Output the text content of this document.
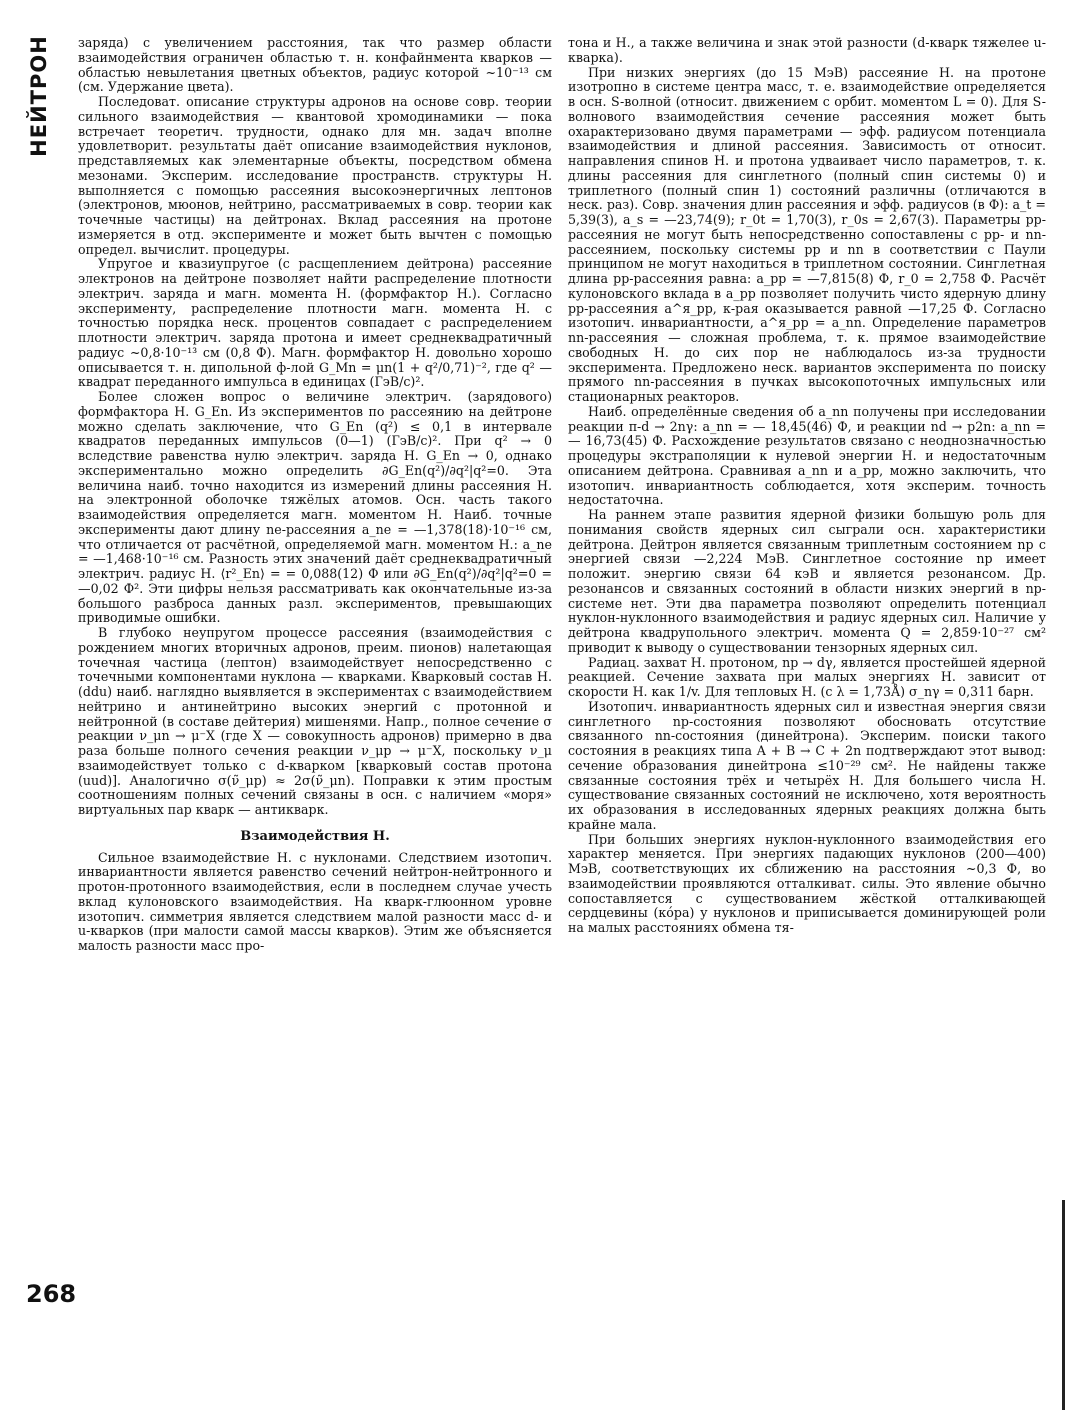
НЕЙТРОН заряда) с увеличением расстояния, так что размер области взаимодействия ограничен областью т. н. конфайнмента кварков — областью невылетания цветных объектов, радиус которой ~10⁻¹³ см (см. Удержание цвета).

Последоват. описание структуры адронов на основе совр. теории сильного взаимодействия — квантовой хромодинамики — пока встречает теоретич. трудности, однако для мн. задач вполне удовлетворит. результаты даёт описание взаимодействия нуклонов, представляемых как элементарные объекты, посредством обмена мезонами. Эксперим. исследование пространств. структуры Н. выполняется с помощью рассеяния высокоэнергичных лептонов (электронов, мюонов, нейтрино, рассматриваемых в совр. теории как точечные частицы) на дейтронах. Вклад рассеяния на протоне измеряется в отд. эксперименте и может быть вычтен с помощью определ. вычислит. процедуры.

Упругое и квазиупругое (с расщеплением дейтрона) рассеяние электронов на дейтроне позволяет найти распределение плотности электрич. заряда и магн. момента Н. (формфактор Н.). Согласно эксперименту, распределение плотности магн. момента Н. с точностью порядка неск. процентов совпадает с распределением плотности электрич. заряда протона и имеет среднеквадратичный радиус ~0,8·10⁻¹³ см (0,8 Ф). Магн. формфактор Н. довольно хорошо описывается т. н. дипольной ф-лой G_Mn = μn(1 + q²/0,71)⁻², где q² — квадрат переданного импульса в единицах (ГэВ/с)².

Более сложен вопрос о величине электрич. (зарядового) формфактора Н. G_En. Из экспериментов по рассеянию на дейтроне можно сделать заключение, что G_En (q²) ≤ 0,1 в интервале квадратов переданных импульсов (0—1) (ГэВ/c)². При q² → 0 вследствие равенства нулю электрич. заряда Н. G_En → 0, однако экспериментально можно определить ∂G_En(q²)/∂q²|q²=0. Эта величина наиб. точно находится из измерений длины рассеяния Н. на электронной оболочке тяжёлых атомов. Осн. часть такого взаимодействия определяется магн. моментом Н. Наиб. точные эксперименты дают длину ne-рассеяния a_ne = —1,378(18)·10⁻¹⁶ см, что отличается от расчётной, определяемой магн. моментом Н.: a_ne = —1,468·10⁻¹⁶ см. Разность этих значений даёт среднеквадратичный электрич. радиус Н. ⟨r²_En⟩ = = 0,088(12) Ф или ∂G_En(q²)/∂q²|q²=0 = —0,02 Ф². Эти цифры нельзя рассматривать как окончательные из-за большого разброса данных разл. экспериментов, превышающих приводимые ошибки.

В глубоко неупругом процессе рассеяния (взаимодействия с рождением многих вторичных адронов, преим. пионов) налетающая точечная частица (лептон) взаимодействует непосредственно с точечными компонентами нуклона — кварками. Кварковый состав Н. (ddu) наиб. наглядно выявляется в экспериментах с взаимодействием нейтрино и антинейтрино высоких энергий с протонной и нейтронной (в составе дейтерия) мишенями. Напр., полное сечение σ реакции ν_μn → μ⁻X (где X — совокупность адронов) примерно в два раза больше полного сечения реакции ν_μp → μ⁻X, поскольку ν_μ взаимодействует только с d-кварком [кварковый состав протона (uud)]. Аналогично σ(ν̃_μp) ≈ 2σ(ν̃_μn). Поправки к этим простым соотношениям полных сечений связаны в осн. с наличием «моря» виртуальных пар кварк — антикварк.

Взаимодействия Н.

Сильное взаимодействие Н. с нуклонами. Следствием изотопич. инвариантности является равенство сечений нейтрон-нейтронного и протон-протонного взаимодействия, если в последнем случае учесть вклад кулоновского взаимодействия. На кварк-глюонном уровне изотопич. симметрия является следствием малой разности масс d- и u-кварков (при малости самой массы кварков). Этим же объясняется малость разности масс про-

тона и Н., а также величина и знак этой разности (d-кварк тяжелее u-кварка).

При низких энергиях (до 15 МэВ) рассеяние Н. на протоне изотропно в системе центра масс, т. е. взаимодействие определяется в осн. S-волной (относит. движением с орбит. моментом L = 0). Для S-волнового взаимодействия сечение рассеяния может быть охарактеризовано двумя параметрами — эфф. радиусом потенциала взаимодействия и длиной рассеяния. Зависимость от относит. направления спинов Н. и протона удваивает число параметров, т. к. длины рассеяния для синглетного (полный спин системы 0) и триплетного (полный спин 1) состояний различны (отличаются в неск. раз). Совр. значения длин рассеяния и эфф. радиусов (в Ф): a_t = 5,39(3), a_s = —23,74(9); r_0t = 1,70(3), r_0s = 2,67(3). Параметры pp-рассеяния не могут быть непосредственно сопоставлены с pp- и nn-рассеянием, поскольку системы pp и nn в соответствии с Паули принципом не могут находиться в триплетном состоянии. Синглетная длина pp-рассеяния равна: a_pp = —7,815(8) Ф, r_0 = 2,758 Ф. Расчёт кулоновского вклада в a_pp позволяет получить чисто ядерную длину pp-рассеяния a^я_pp, к-рая оказывается равной —17,25 Ф. Согласно изотопич. инвариантности, a^я_pp = a_nn. Определение параметров nn-рассеяния — сложная проблема, т. к. прямое взаимодействие свободных Н. до сих пор не наблюдалось из-за трудности эксперимента. Предложено неск. вариантов эксперимента по поиску прямого nn-рассеяния в пучках высокопоточных импульсных или стационарных реакторов.

Наиб. определённые сведения об a_nn получены при исследовании реакции π-d → 2nγ: a_nn = — 18,45(46) Ф, и реакции nd → p2n: a_nn = — 16,73(45) Ф. Расхождение результатов связано с неоднозначностью процедуры экстраполяции к нулевой энергии Н. и недостаточным описанием дейтрона. Сравнивая a_nn и a_pp, можно заключить, что изотопич. инвариантность соблюдается, хотя эксперим. точность недостаточна.

На раннем этапе развития ядерной физики большую роль для понимания свойств ядерных сил сыграли осн. характеристики дейтрона. Дейтрон является связанным триплетным состоянием np с энергией связи —2,224 МэВ. Синглетное состояние np имеет положит. энергию связи 64 кэВ и является резонансом. Др. резонансов и связанных состояний в области низких энергий в np-системе нет. Эти два параметра позволяют определить потенциал нуклон-нуклонного взаимодействия и радиус ядерных сил. Наличие у дейтрона квадрупольного электрич. момента Q = 2,859·10⁻²⁷ см² приводит к выводу о существовании тензорных ядерных сил.

Радиац. захват Н. протоном, np → dγ, является простейшей ядерной реакцией. Сечение захвата при малых энергиях Н. зависит от скорости Н. как 1/v. Для тепловых Н. (с λ = 1,73Å) σ_nγ = 0,311 барн.

Изотопич. инвариантность ядерных сил и известная энергия связи синглетного np-состояния позволяют обосновать отсутствие связанного nn-состояния (динейтрона). Эксперим. поиски такого состояния в реакциях типа A + B → C + 2n подтверждают этот вывод: сечение образования динейтрона ≤10⁻²⁹ см². Не найдены также связанные состояния трёх и четырёх Н. Для большего числа Н. существование связанных состояний не исключено, хотя вероятность их образования в исследованных ядерных реакциях должна быть крайне мала.

При больших энергиях нуклон-нуклонного взаимодействия его характер меняется. При энергиях падающих нуклонов (200—400) МэВ, соответствующих их сближению на расстояния ~0,3 Ф, во взаимодействии проявляются отталкиват. силы. Это явление обычно сопоставляется с существованием жёсткой отталкивающей сердцевины (кóра) у нуклонов и приписывается доминирующей роли на малых расстояниях обмена тя-

268
